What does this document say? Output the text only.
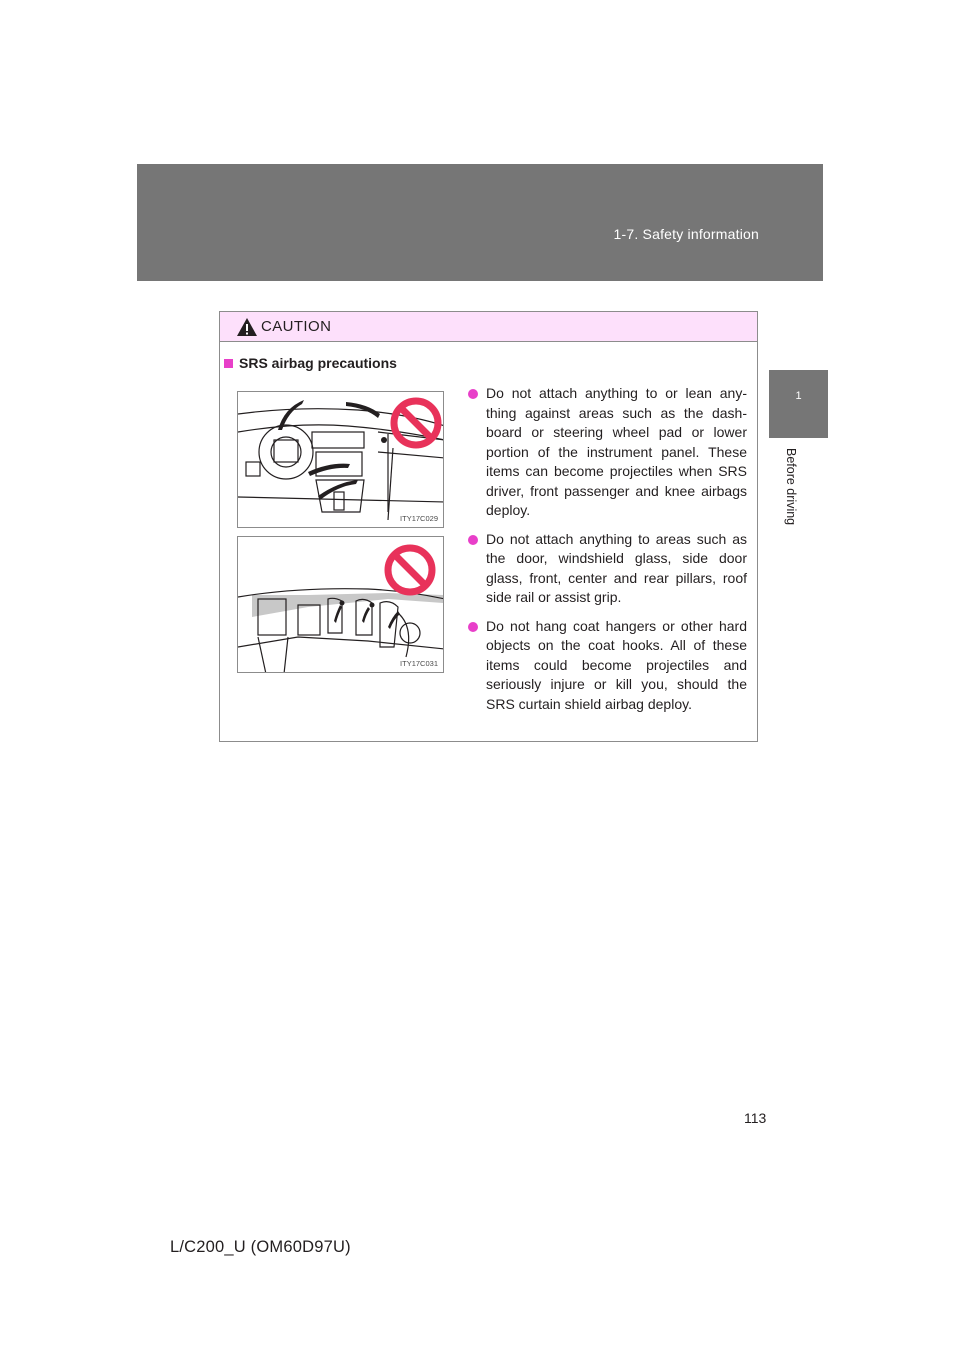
1-7. Safety information
1
Before driving
CAUTION
SRS airbag precautions
ITY17C029
ITY17C031
Do not attach anything to or lean any-thing against areas such as the dash-board or steering wheel pad or lower portion of the instrument panel. These items can become projectiles when SRS driver, front passenger and knee airbags deploy.
Do not attach anything to areas such as the door, windshield glass, side door glass, front, center and rear pillars, roof side rail or assist grip.
Do not hang coat hangers or other hard objects on the coat hooks. All of these items could become projectiles and seriously injure or kill you, should the SRS curtain shield airbag deploy.
113
L/C200_U (OM60D97U)
